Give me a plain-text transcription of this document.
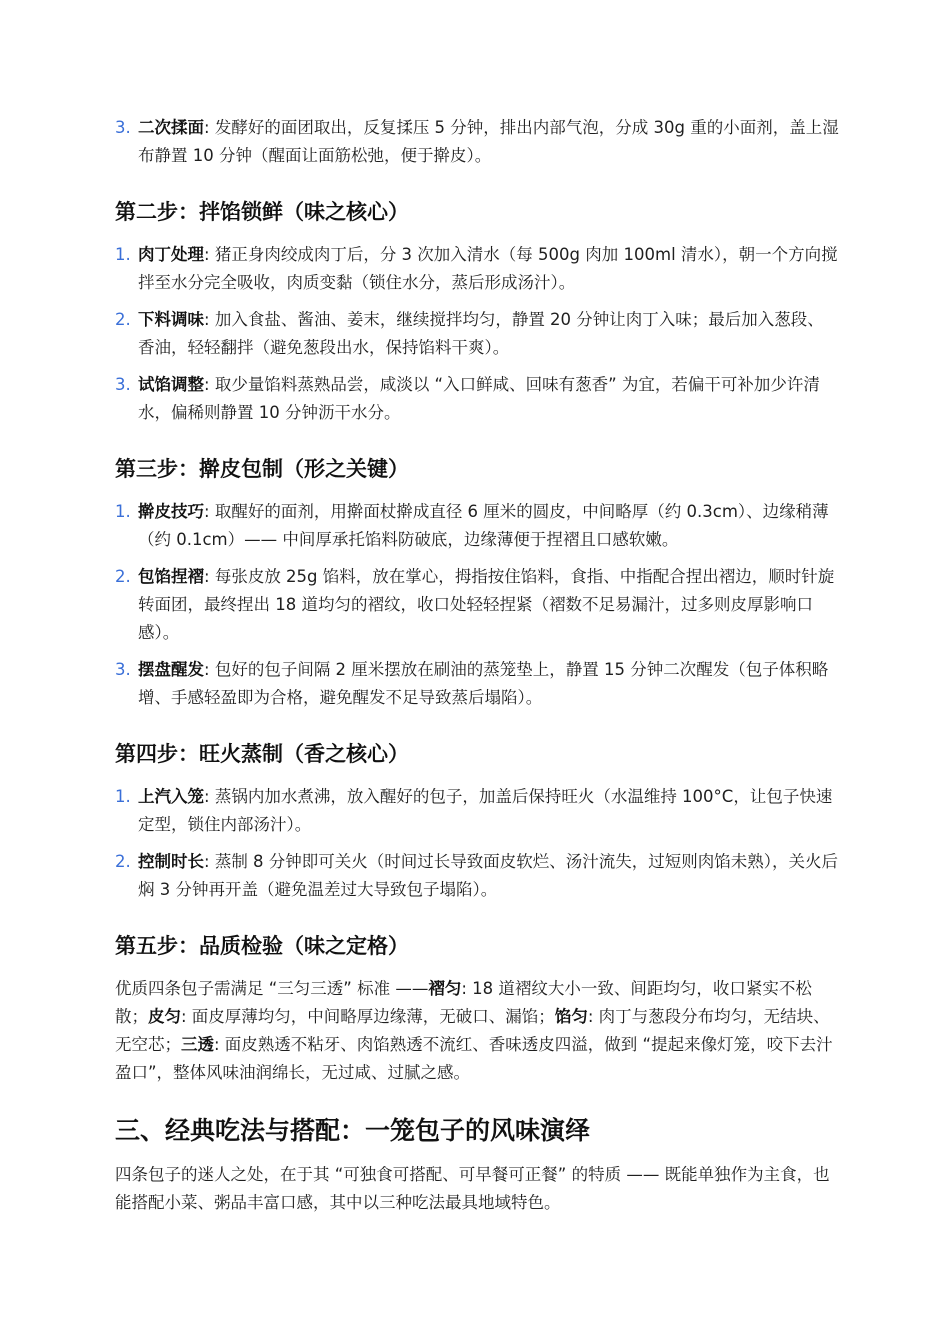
3. 二次揉面: 发酵好的面团取出，反复揉压 5 分钟，排出内部气泡，分成 30g 重的小面剂，盖上湿布静置 10 分钟（醒面让面筋松弛，便于擀皮）。
第二步：拌馅锁鲜（味之核心）
1. 肉丁处理: 猪正身肉绞成肉丁后，分 3 次加入清水（每 500g 肉加 100ml 清水），朝一个方向搅拌至水分完全吸收，肉质变黏（锁住水分，蒸后形成汤汁）。
2. 下料调味: 加入食盐、酱油、姜末，继续搅拌均匀，静置 20 分钟让肉丁入味；最后加入葱段、香油，轻轻翻拌（避免葱段出水，保持馅料干爽）。
3. 试馅调整: 取少量馅料蒸熟品尝，咸淡以 “入口鲜咸、回味有葱香” 为宜，若偏干可补加少许清水，偏稀则静置 10 分钟沥干水分。
第三步：擀皮包制（形之关键）
1. 擀皮技巧: 取醒好的面剂，用擀面杖擀成直径 6 厘米的圆皮，中间略厚（约 0.3cm）、边缘稍薄（约 0.1cm）—— 中间厚承托馅料防破底，边缘薄便于捏褶且口感软嫩。
2. 包馅捏褶: 每张皮放 25g 馅料，放在掌心，拇指按住馅料，食指、中指配合捏出褶边，顺时针旋转面团，最终捏出 18 道均匀的褶纹，收口处轻轻捏紧（褶数不足易漏汁，过多则皮厚影响口感）。
3. 摆盘醒发: 包好的包子间隔 2 厘米摆放在刷油的蒸笼垫上，静置 15 分钟二次醒发（包子体积略增、手感轻盈即为合格，避免醒发不足导致蒸后塌陷）。
第四步：旺火蒸制（香之核心）
1. 上汽入笼: 蒸锅内加水煮沸，放入醒好的包子，加盖后保持旺火（水温维持 100°C，让包子快速定型，锁住内部汤汁）。
2. 控制时长: 蒸制 8 分钟即可关火（时间过长导致面皮软烂、汤汁流失，过短则肉馅未熟），关火后焖 3 分钟再开盖（避免温差过大导致包子塌陷）。
第五步：品质检验（味之定格）
优质四条包子需满足 “三匀三透” 标准 ——褶匀: 18 道褶纹大小一致、间距均匀，收口紧实不松散；皮匀: 面皮厚薄均匀，中间略厚边缘薄，无破口、漏馅；馅匀: 肉丁与葱段分布均匀，无结块、无空芯；三透: 面皮熟透不粘牙、肉馅熟透不流红、香味透皮四溢，做到 “提起来像灯笼，咬下去汁盈口”，整体风味油润绵长，无过咸、过腻之感。
三、经典吃法与搭配：一笼包子的风味演绎
四条包子的迷人之处，在于其 “可独食可搭配、可早餐可正餐” 的特质 —— 既能单独作为主食，也能搭配小菜、粥品丰富口感，其中以三种吃法最具地域特色。
